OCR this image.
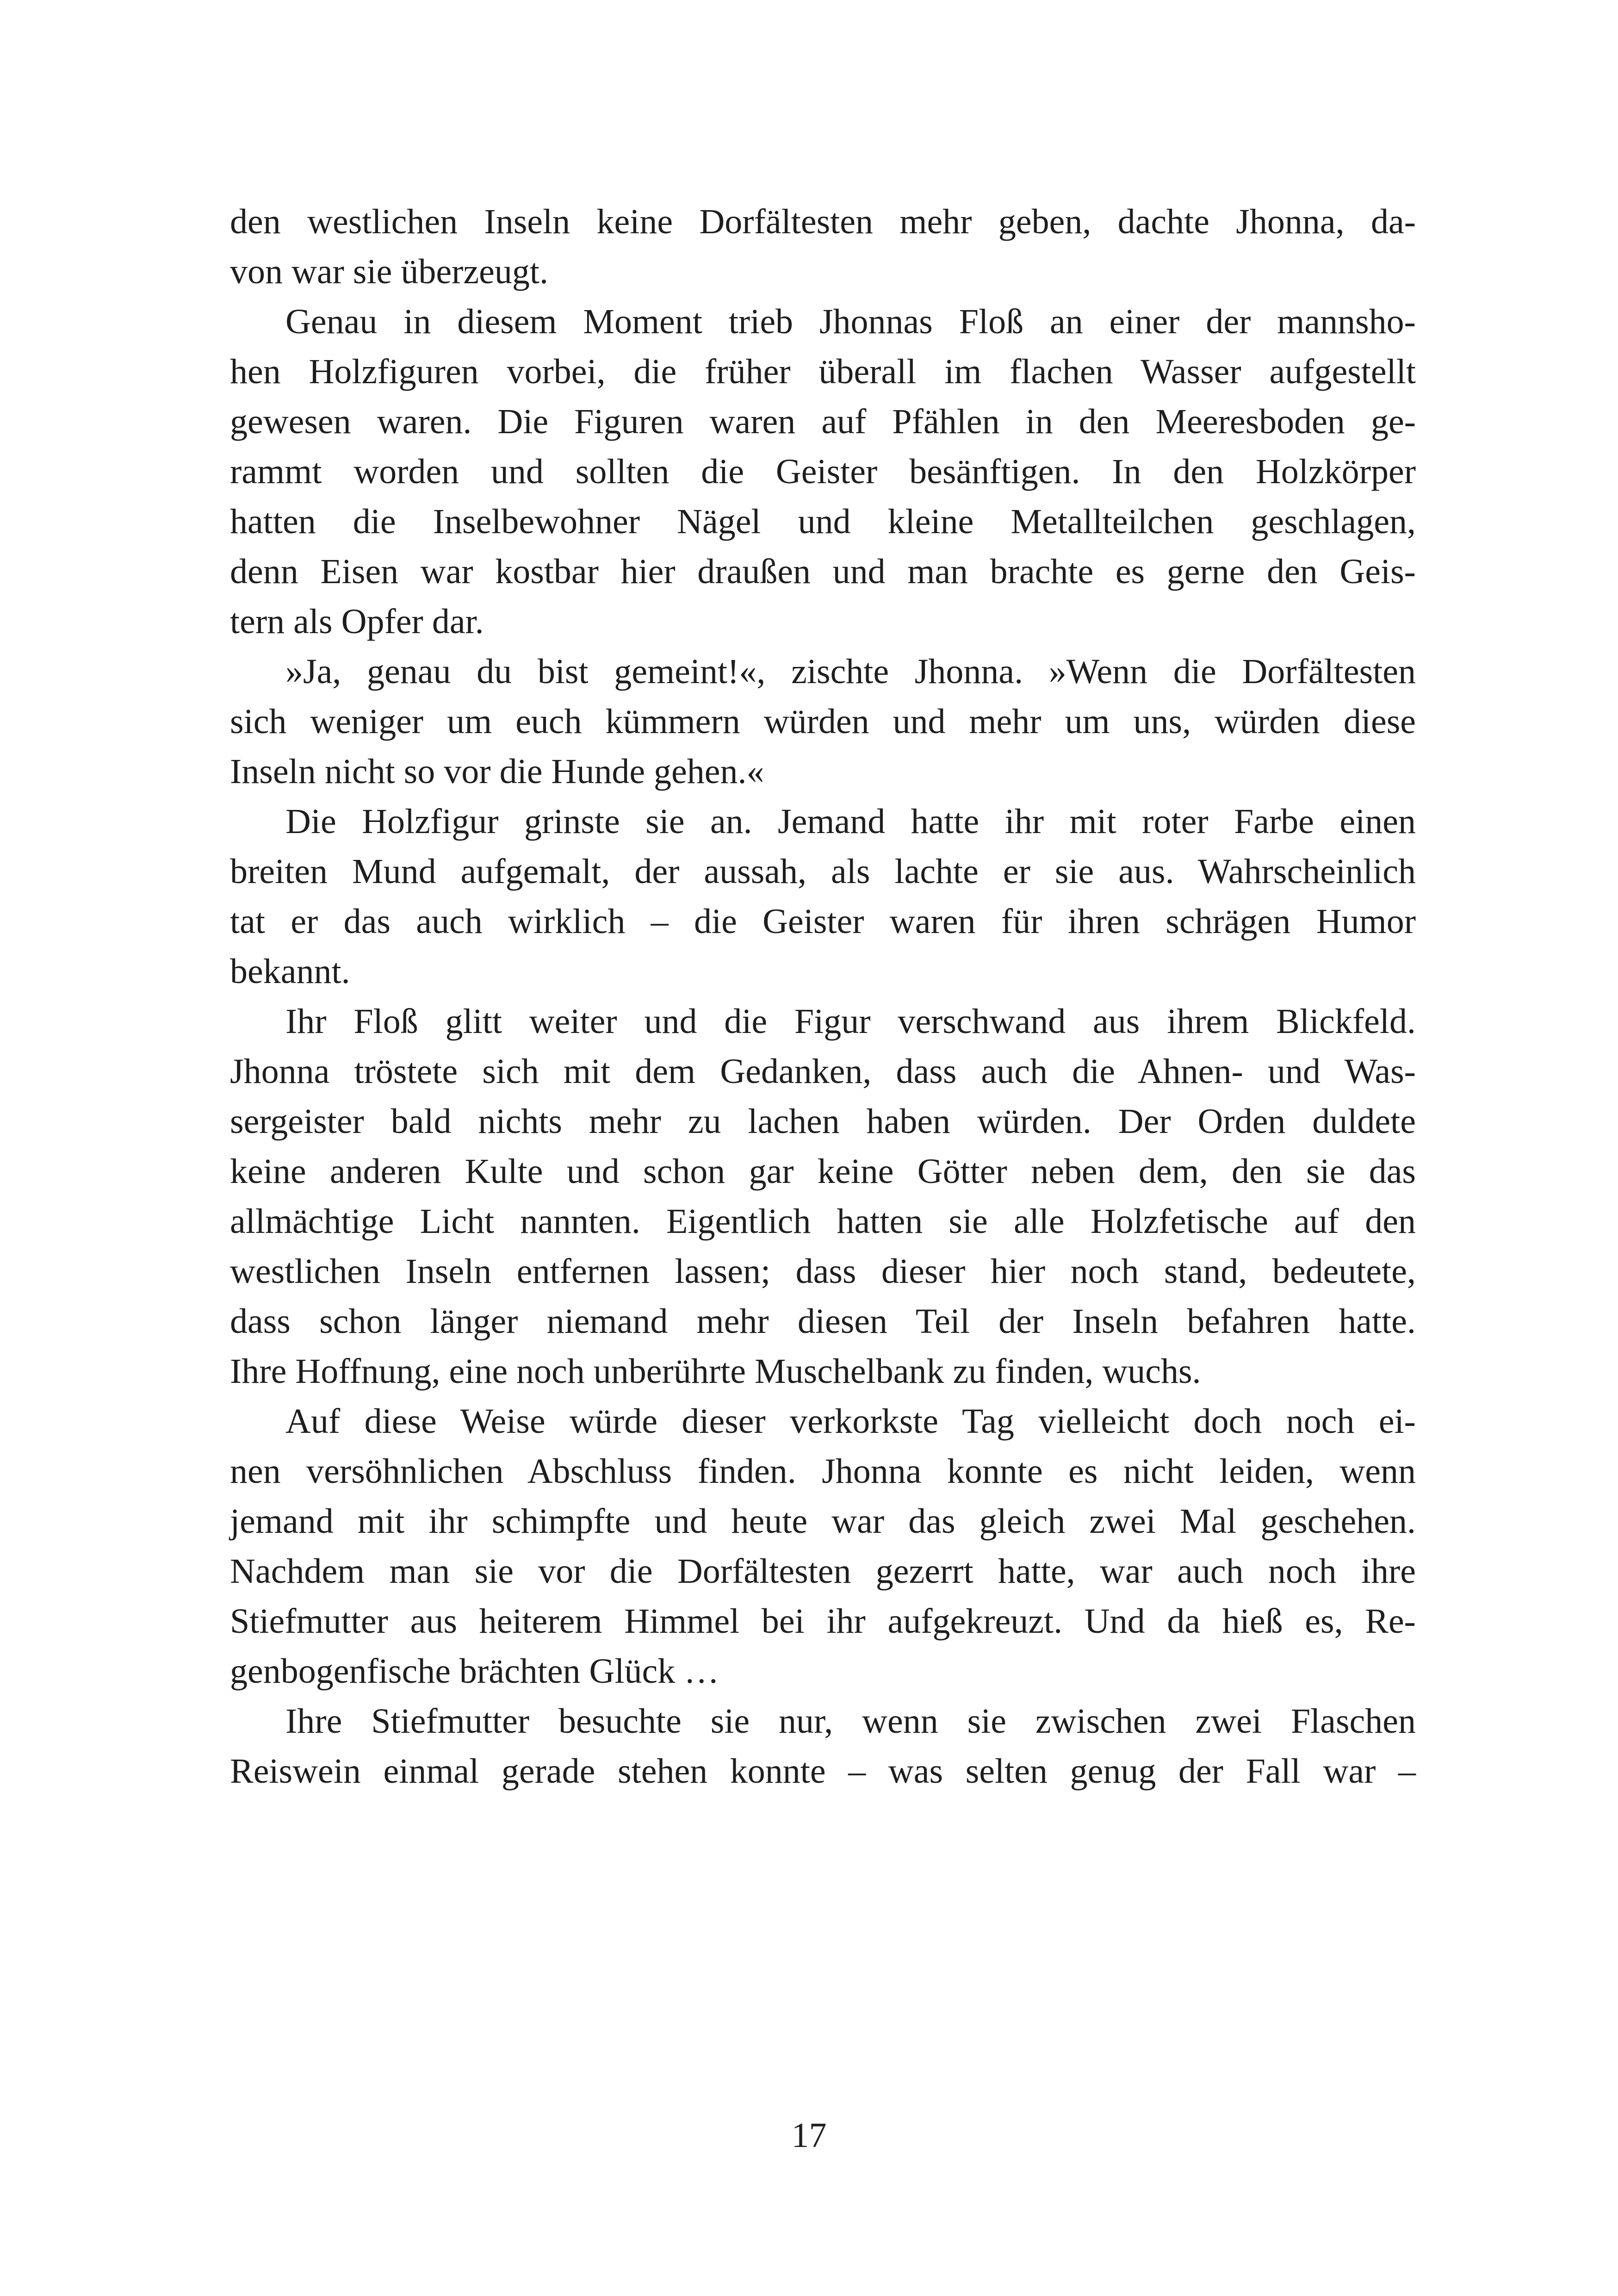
den westlichen Inseln keine Dorfältesten mehr geben, dachte Jhonna, da-
von war sie überzeugt.
Genau in diesem Moment trieb Jhonnas Floß an einer der mannsho-
hen Holzfiguren vorbei, die früher überall im flachen Wasser aufgestellt
gewesen waren. Die Figuren waren auf Pfählen in den Meeresboden ge-
rammt worden und sollten die Geister besänftigen. In den Holzkörper
hatten die Inselbewohner Nägel und kleine Metallteilchen geschlagen,
denn Eisen war kostbar hier draußen und man brachte es gerne den Geis-
tern als Opfer dar.
»Ja, genau du bist gemeint!«, zischte Jhonna. »Wenn die Dorfältesten
sich weniger um euch kümmern würden und mehr um uns, würden diese
Inseln nicht so vor die Hunde gehen.«
Die Holzfigur grinste sie an. Jemand hatte ihr mit roter Farbe einen
breiten Mund aufgemalt, der aussah, als lachte er sie aus. Wahrscheinlich
tat er das auch wirklich – die Geister waren für ihren schrägen Humor
bekannt.
Ihr Floß glitt weiter und die Figur verschwand aus ihrem Blickfeld.
Jhonna tröstete sich mit dem Gedanken, dass auch die Ahnen- und Was-
sergeister bald nichts mehr zu lachen haben würden. Der Orden duldete
keine anderen Kulte und schon gar keine Götter neben dem, den sie das
allmächtige Licht nannten. Eigentlich hatten sie alle Holzfetische auf den
westlichen Inseln entfernen lassen; dass dieser hier noch stand, bedeutete,
dass schon länger niemand mehr diesen Teil der Inseln befahren hatte.
Ihre Hoffnung, eine noch unberührte Muschelbank zu finden, wuchs.
Auf diese Weise würde dieser verkorkste Tag vielleicht doch noch ei-
nen versöhnlichen Abschluss finden. Jhonna konnte es nicht leiden, wenn
jemand mit ihr schimpfte und heute war das gleich zwei Mal geschehen.
Nachdem man sie vor die Dorfältesten gezerrt hatte, war auch noch ihre
Stiefmutter aus heiterem Himmel bei ihr aufgekreuzt. Und da hieß es, Re-
genbogenfische brächten Glück …
Ihre Stiefmutter besuchte sie nur, wenn sie zwischen zwei Flaschen
Reiswein einmal gerade stehen konnte – was selten genug der Fall war –
17
